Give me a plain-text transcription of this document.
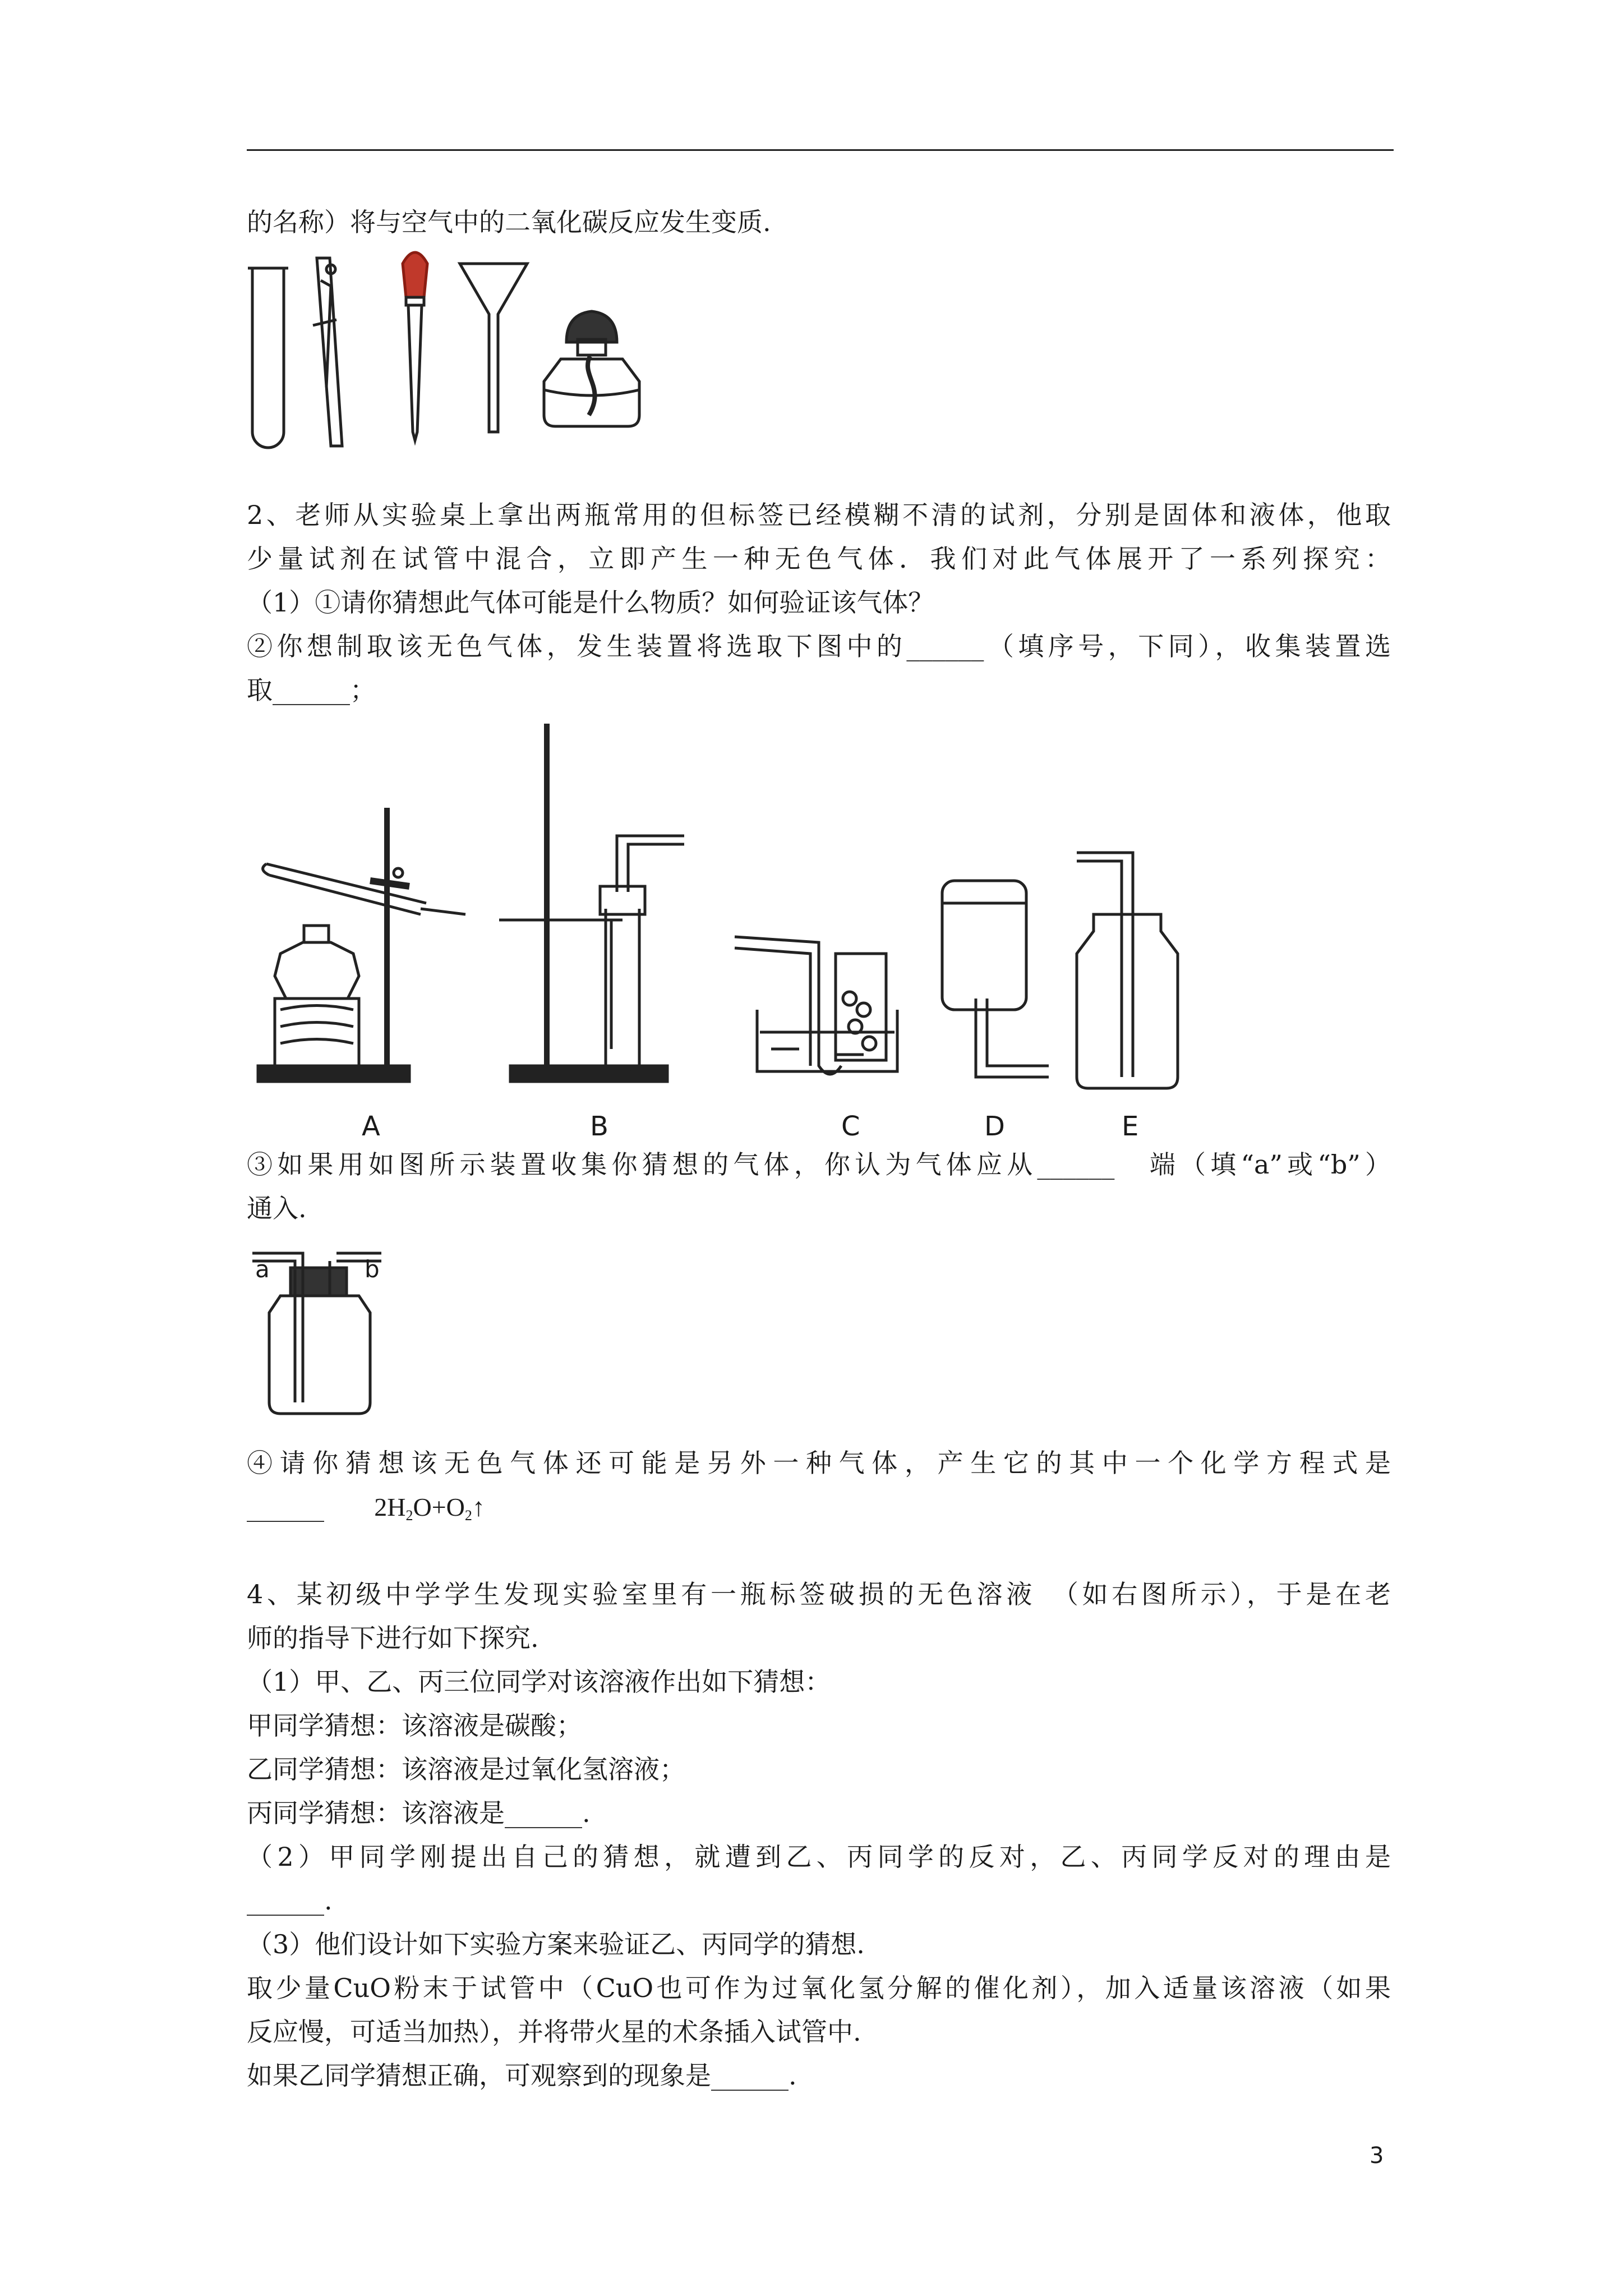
的名称）将与空气中的二氧化碳反应发生变质.
2、老师从实验桌上拿出两瓶常用的但标签已经模糊不清的试剂，分别是固体和液体，他取
少量试剂在试管中混合，立即产生一种无色气体．我们对此气体展开了一系列探究：
（1）①请你猜想此气体可能是什么物质？如何验证该气体？
②你想制取该无色气体，发生装置将选取下图中的______（填序号，下同），收集装置选
取______；
A	B	C	D	E
③如果用如图所示装置收集你猜想的气体，你认为气体应从______　端（填“a”或“b”）
通入.
a	b
④请你猜想该无色气体还可能是另外一种气体，产生它的其中一个化学方程式是
______ $2H_2O+O_2↑$
4、某初级中学学生发现实验室里有一瓶标签破损的无色溶液　（如右图所示），于是在老
师的指导下进行如下探究.
（1）甲、乙、丙三位同学对该溶液作出如下猜想：
甲同学猜想：该溶液是碳酸；
乙同学猜想：该溶液是过氧化氢溶液；
丙同学猜想：该溶液是______.
（2）甲同学刚提出自己的猜想，就遭到乙、丙同学的反对，乙、丙同学反对的理由是
______.
（3）他们设计如下实验方案来验证乙、丙同学的猜想.
取少量CuO粉末于试管中（CuO也可作为过氧化氢分解的催化剂），加入适量该溶液（如果
反应慢，可适当加热），并将带火星的术条插入试管中.
如果乙同学猜想正确，可观察到的现象是______.
3
